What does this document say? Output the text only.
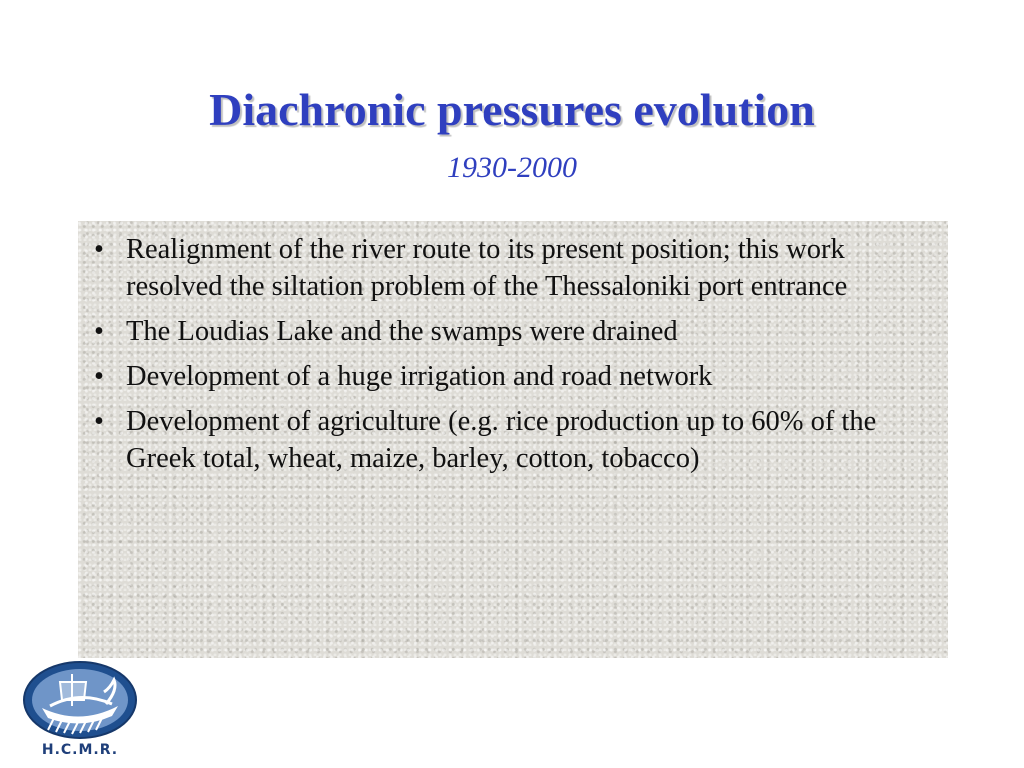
Diachronic pressures evolution
1930-2000
• Realignment of the river route to its present position; this work resolved the siltation problem of the Thessaloniki port entrance
• The Loudias Lake and the swamps were drained
• Development of a huge irrigation and road network
• Development of agriculture (e.g. rice production up to 60% of the Greek total, wheat, maize, barley, cotton, tobacco)
H.C.M.R.
